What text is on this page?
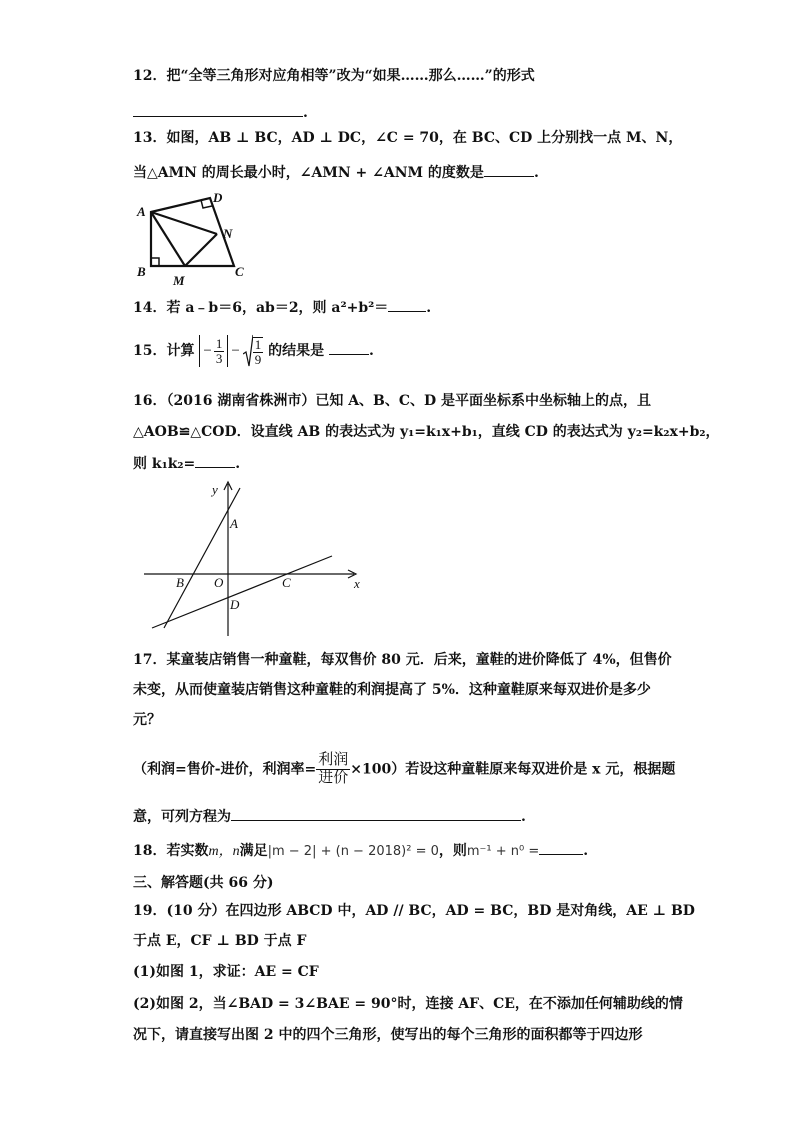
12．把“全等三角形对应角相等”改为“如果……那么……”的形式
.
13．如图，AB ⊥ BC，AD ⊥ DC，∠C = 70，在 BC、CD 上分别找一点 M、N，
当△AMN 的周长最小时，∠AMN + ∠ANM 的度数是	.
A
D
N
B
M
C
14．若 a﹣b＝6，ab＝2，则 a²+b²＝	.
15．计算 − $\frac{1}{3} - \frac{1}{9}$ 的结果是	.
16．（2016 湖南省株洲市）已知 A、B、C、D 是平面坐标系中坐标轴上的点，且
△AOB≌△COD．设直线 AB 的表达式为 y₁=k₁x+b₁，直线 CD 的表达式为 y₂=k₂x+b₂，
则 k₁k₂=	.
y
x
A
B O	C
D
17．某童装店销售一种童鞋，每双售价 80 元．后来，童鞋的进价降低了 4%，但售价
未变，从而使童装店销售这种童鞋的利润提高了 5%．这种童鞋原来每双进价是多少
元？
（利润=售价-进价，利润率= $\frac{\text{利润}}{\text{进价}} \times 100$）若设这种童鞋原来每双进价是 x 元，根据题
意，可列方程为	.
18．若实数m，n满足|m − 2| + (n − 2018)² = 0，则m⁻¹ + n⁰ =	.
三、解答题(共 66 分)
19．(10 分）在四边形 ABCD 中，AD // BC，AD = BC，BD 是对角线，AE ⊥ BD
于点 E，CF ⊥ BD 于点 F
(1)如图 1，求证：AE = CF
(2)如图 2，当∠BAD = 3∠BAE = 90°时，连接 AF、CE，在不添加任何辅助线的情
况下，请直接写出图 2 中的四个三角形，使写出的每个三角形的面积都等于四边形
